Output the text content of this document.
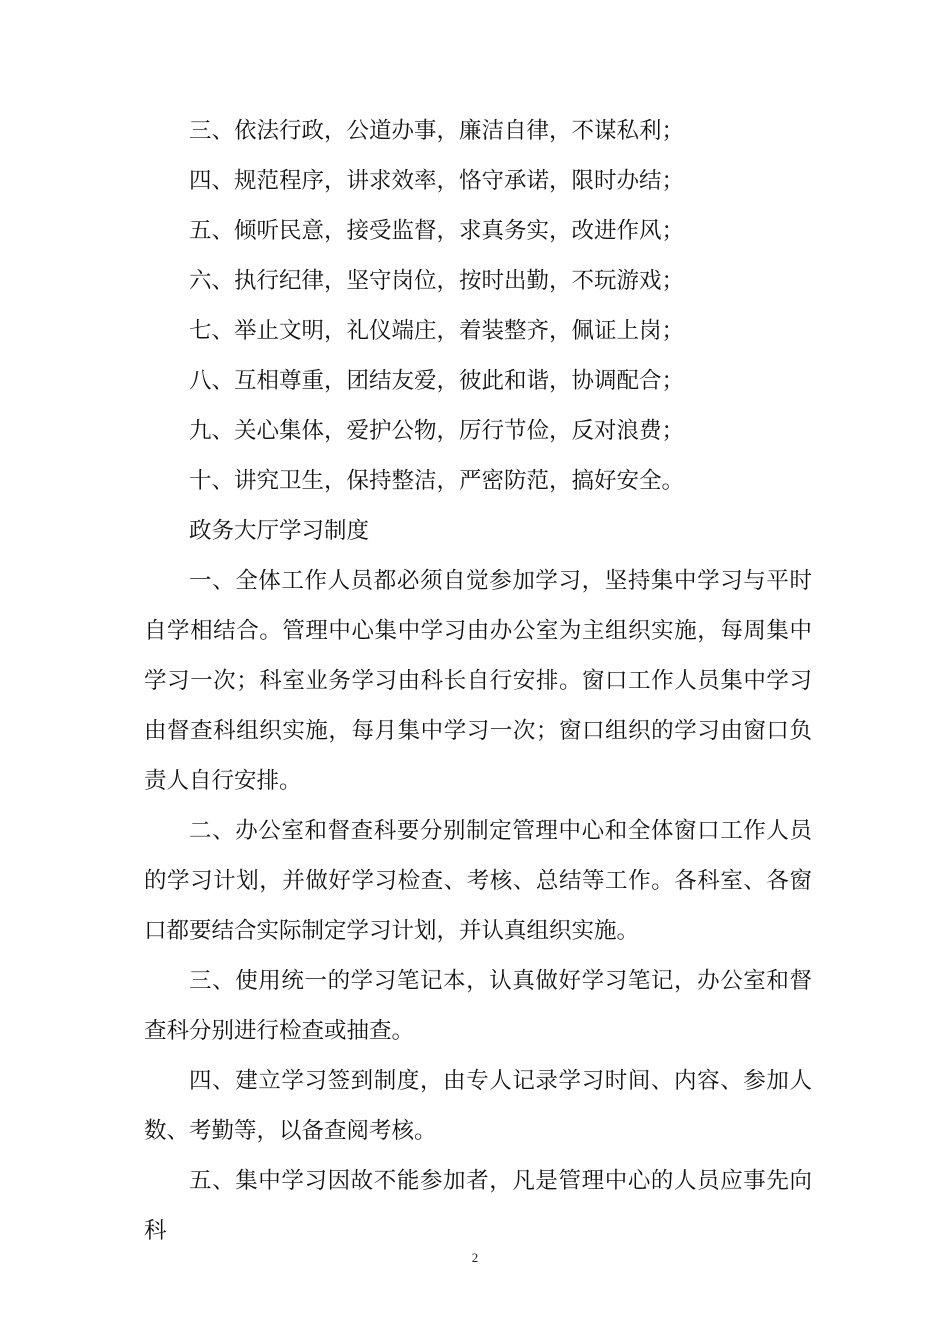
三、依法行政，公道办事，廉洁自律，不谋私利；
四、规范程序，讲求效率，恪守承诺，限时办结；
五、倾听民意，接受监督，求真务实，改进作风；
六、执行纪律，坚守岗位，按时出勤，不玩游戏；
七、举止文明，礼仪端庄，着装整齐，佩证上岗；
八、互相尊重，团结友爱，彼此和谐，协调配合；
九、关心集体，爱护公物，厉行节俭，反对浪费；
十、讲究卫生，保持整洁，严密防范，搞好安全。
政务大厅学习制度

一、全体工作人员都必须自觉参加学习，坚持集中学习与平时自学相结合。管理中心集中学习由办公室为主组织实施，每周集中学习一次；科室业务学习由科长自行安排。窗口工作人员集中学习由督查科组织实施，每月集中学习一次；窗口组织的学习由窗口负责人自行安排。

二、办公室和督查科要分别制定管理中心和全体窗口工作人员的学习计划，并做好学习检查、考核、总结等工作。各科室、各窗口都要结合实际制定学习计划，并认真组织实施。

三、使用统一的学习笔记本，认真做好学习笔记，办公室和督查科分别进行检查或抽查。

四、建立学习签到制度，由专人记录学习时间、内容、参加人数、考勤等，以备查阅考核。

五、集中学习因故不能参加者，凡是管理中心的人员应事先向科

2
